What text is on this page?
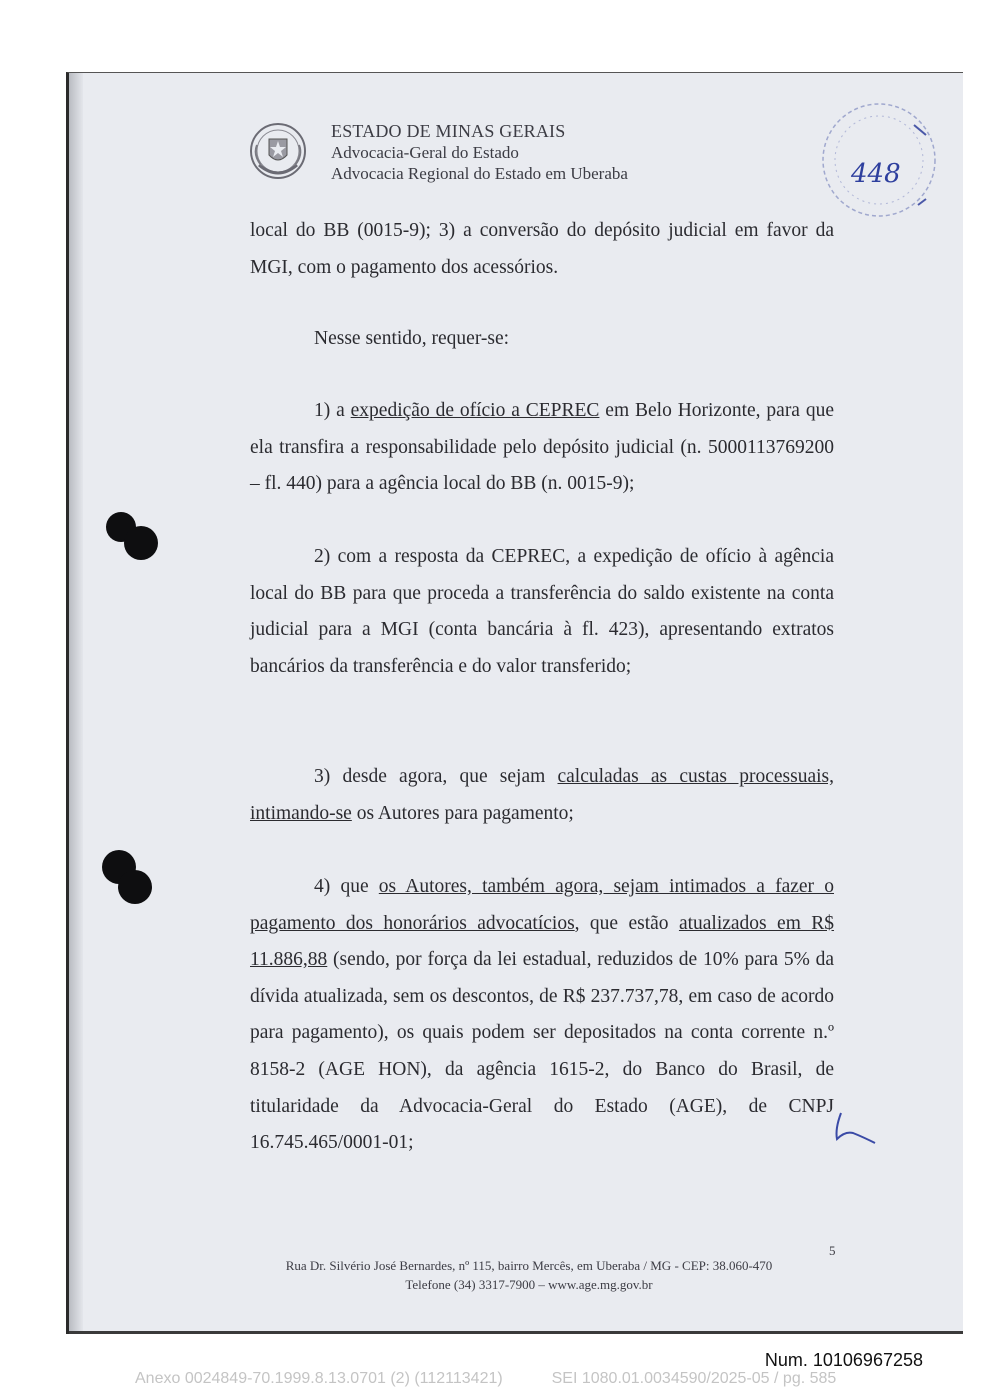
ESTADO DE MINAS GERAIS
Advocacia-Geral do Estado
Advocacia Regional do Estado em Uberaba	448

local do BB (0015-9); 3) a conversão do depósito judicial em favor da MGI, com o pagamento dos acessórios.

Nesse sentido, requer-se:

1) a expedição de ofício a CEPREC em Belo Horizonte, para que ela transfira a responsabilidade pelo depósito judicial (n. 5000113769200 – fl. 440) para a agência local do BB (n. 0015-9);

2) com a resposta da CEPREC, a expedição de ofício à agência local do BB para que proceda a transferência do saldo existente na conta judicial para a MGI (conta bancária à fl. 423), apresentando extratos bancários da transferência e do valor transferido;

3) desde agora, que sejam calculadas as custas processuais, intimando-se os Autores para pagamento;

4) que os Autores, também agora, sejam intimados a fazer o pagamento dos honorários advocatícios, que estão atualizados em R$ 11.886,88 (sendo, por força da lei estadual, reduzidos de 10% para 5% da dívida atualizada, sem os descontos, de R$ 237.737,78, em caso de acordo para pagamento), os quais podem ser depositados na conta corrente n.º 8158-2 (AGE HON), da agência 1615-2, do Banco do Brasil, de titularidade da Advocacia-Geral do Estado (AGE), de CNPJ 16.745.465/0001-01;

Rua Dr. Silvério José Bernardes, nº 115, bairro Mercês, em Uberaba / MG - CEP: 38.060-470
Telefone (34) 3317-7900 – www.age.mg.gov.br
5
Num. 10106967258
Anexo 0024849-70.1999.8.13.0701 (2) (112113421)	SEI 1080.01.0034590/2025-05 / pg. 585
